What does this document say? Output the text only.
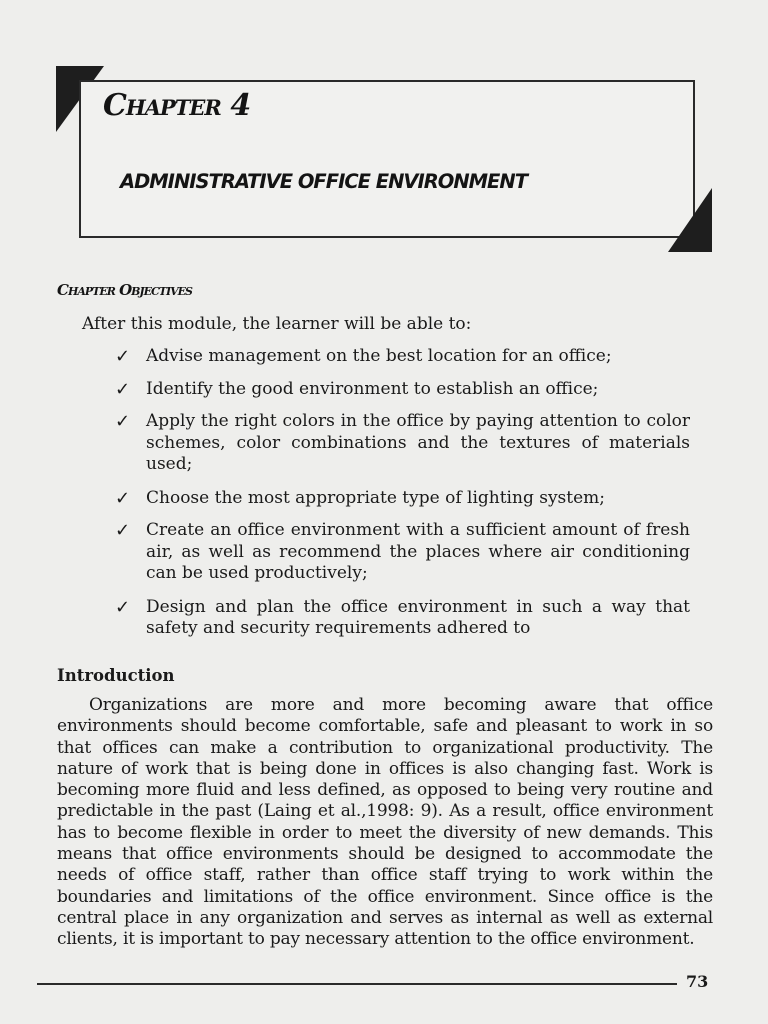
Chapter 4
ADMINISTRATIVE OFFICE ENVIRONMENT
Chapter Objectives
After this module, the learner will be able to:
✓ Advise management on the best location for an office;
✓ Identify the good environment to establish an office;
✓ Apply the right colors in the office by paying attention to color schemes, color combinations and the textures of materials used;
✓ Choose the most appropriate type of lighting system;
✓ Create an office environment with a sufficient amount of fresh air, as well as recommend the places where air conditioning can be used productively;
✓ Design and plan the office environment in such a way that safety and security requirements adhered to
Introduction

Organizations are more and more becoming aware that office environments should become comfortable, safe and pleasant to work in so that offices can make a contribution to organizational productivity. The nature of work that is being done in offices is also changing fast. Work is becoming more fluid and less defined, as opposed to being very routine and predictable in the past (Laing et al.,1998: 9). As a result, office environment has to become flexible in order to meet the diversity of new demands. This means that office environments should be designed to accommodate the needs of office staff, rather than office staff trying to work within the boundaries and limitations of the office environment. Since office is the central place in any organization and serves as internal as well as external clients, it is important to pay necessary attention to the office environment.

73
